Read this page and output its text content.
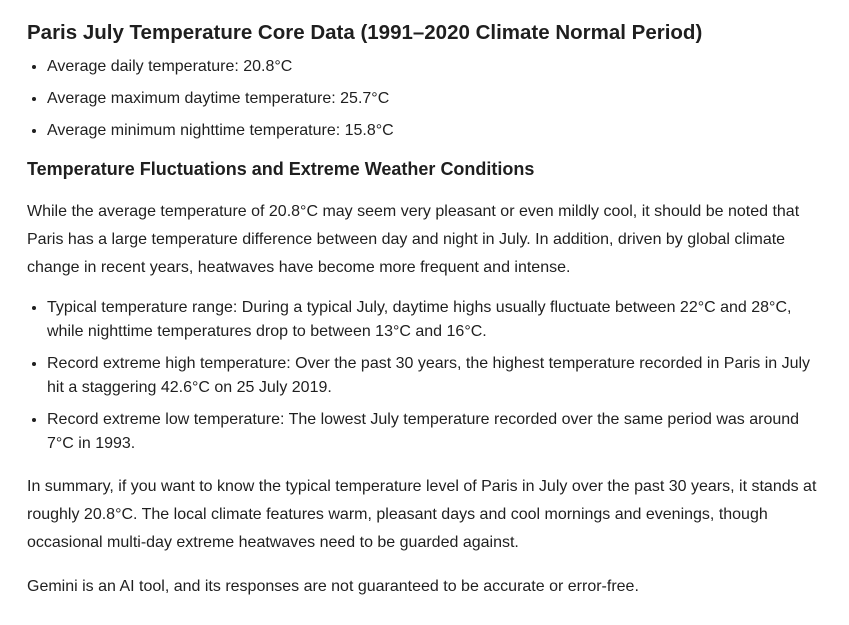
Paris July Temperature Core Data (1991–2020 Climate Normal Period)
• Average daily temperature: 20.8°C
• Average maximum daytime temperature: 25.7°C
• Average minimum nighttime temperature: 15.8°C
Temperature Fluctuations and Extreme Weather Conditions

While the average temperature of 20.8°C may seem very pleasant or even mildly cool, it should be noted that Paris has a large temperature difference between day and night in July. In addition, driven by global climate change in recent years, heatwaves have become more frequent and intense.

• Typical temperature range: During a typical July, daytime highs usually fluctuate between 22°C and 28°C, while nighttime temperatures drop to between 13°C and 16°C.
• Record extreme high temperature: Over the past 30 years, the highest temperature recorded in Paris in July hit a staggering 42.6°C on 25 July 2019.
• Record extreme low temperature: The lowest July temperature recorded over the same period was around 7°C in 1993.

In summary, if you want to know the typical temperature level of Paris in July over the past 30 years, it stands at roughly 20.8°C. The local climate features warm, pleasant days and cool mornings and evenings, though occasional multi-day extreme heatwaves need to be guarded against.

Gemini is an AI tool, and its responses are not guaranteed to be accurate or error-free.
